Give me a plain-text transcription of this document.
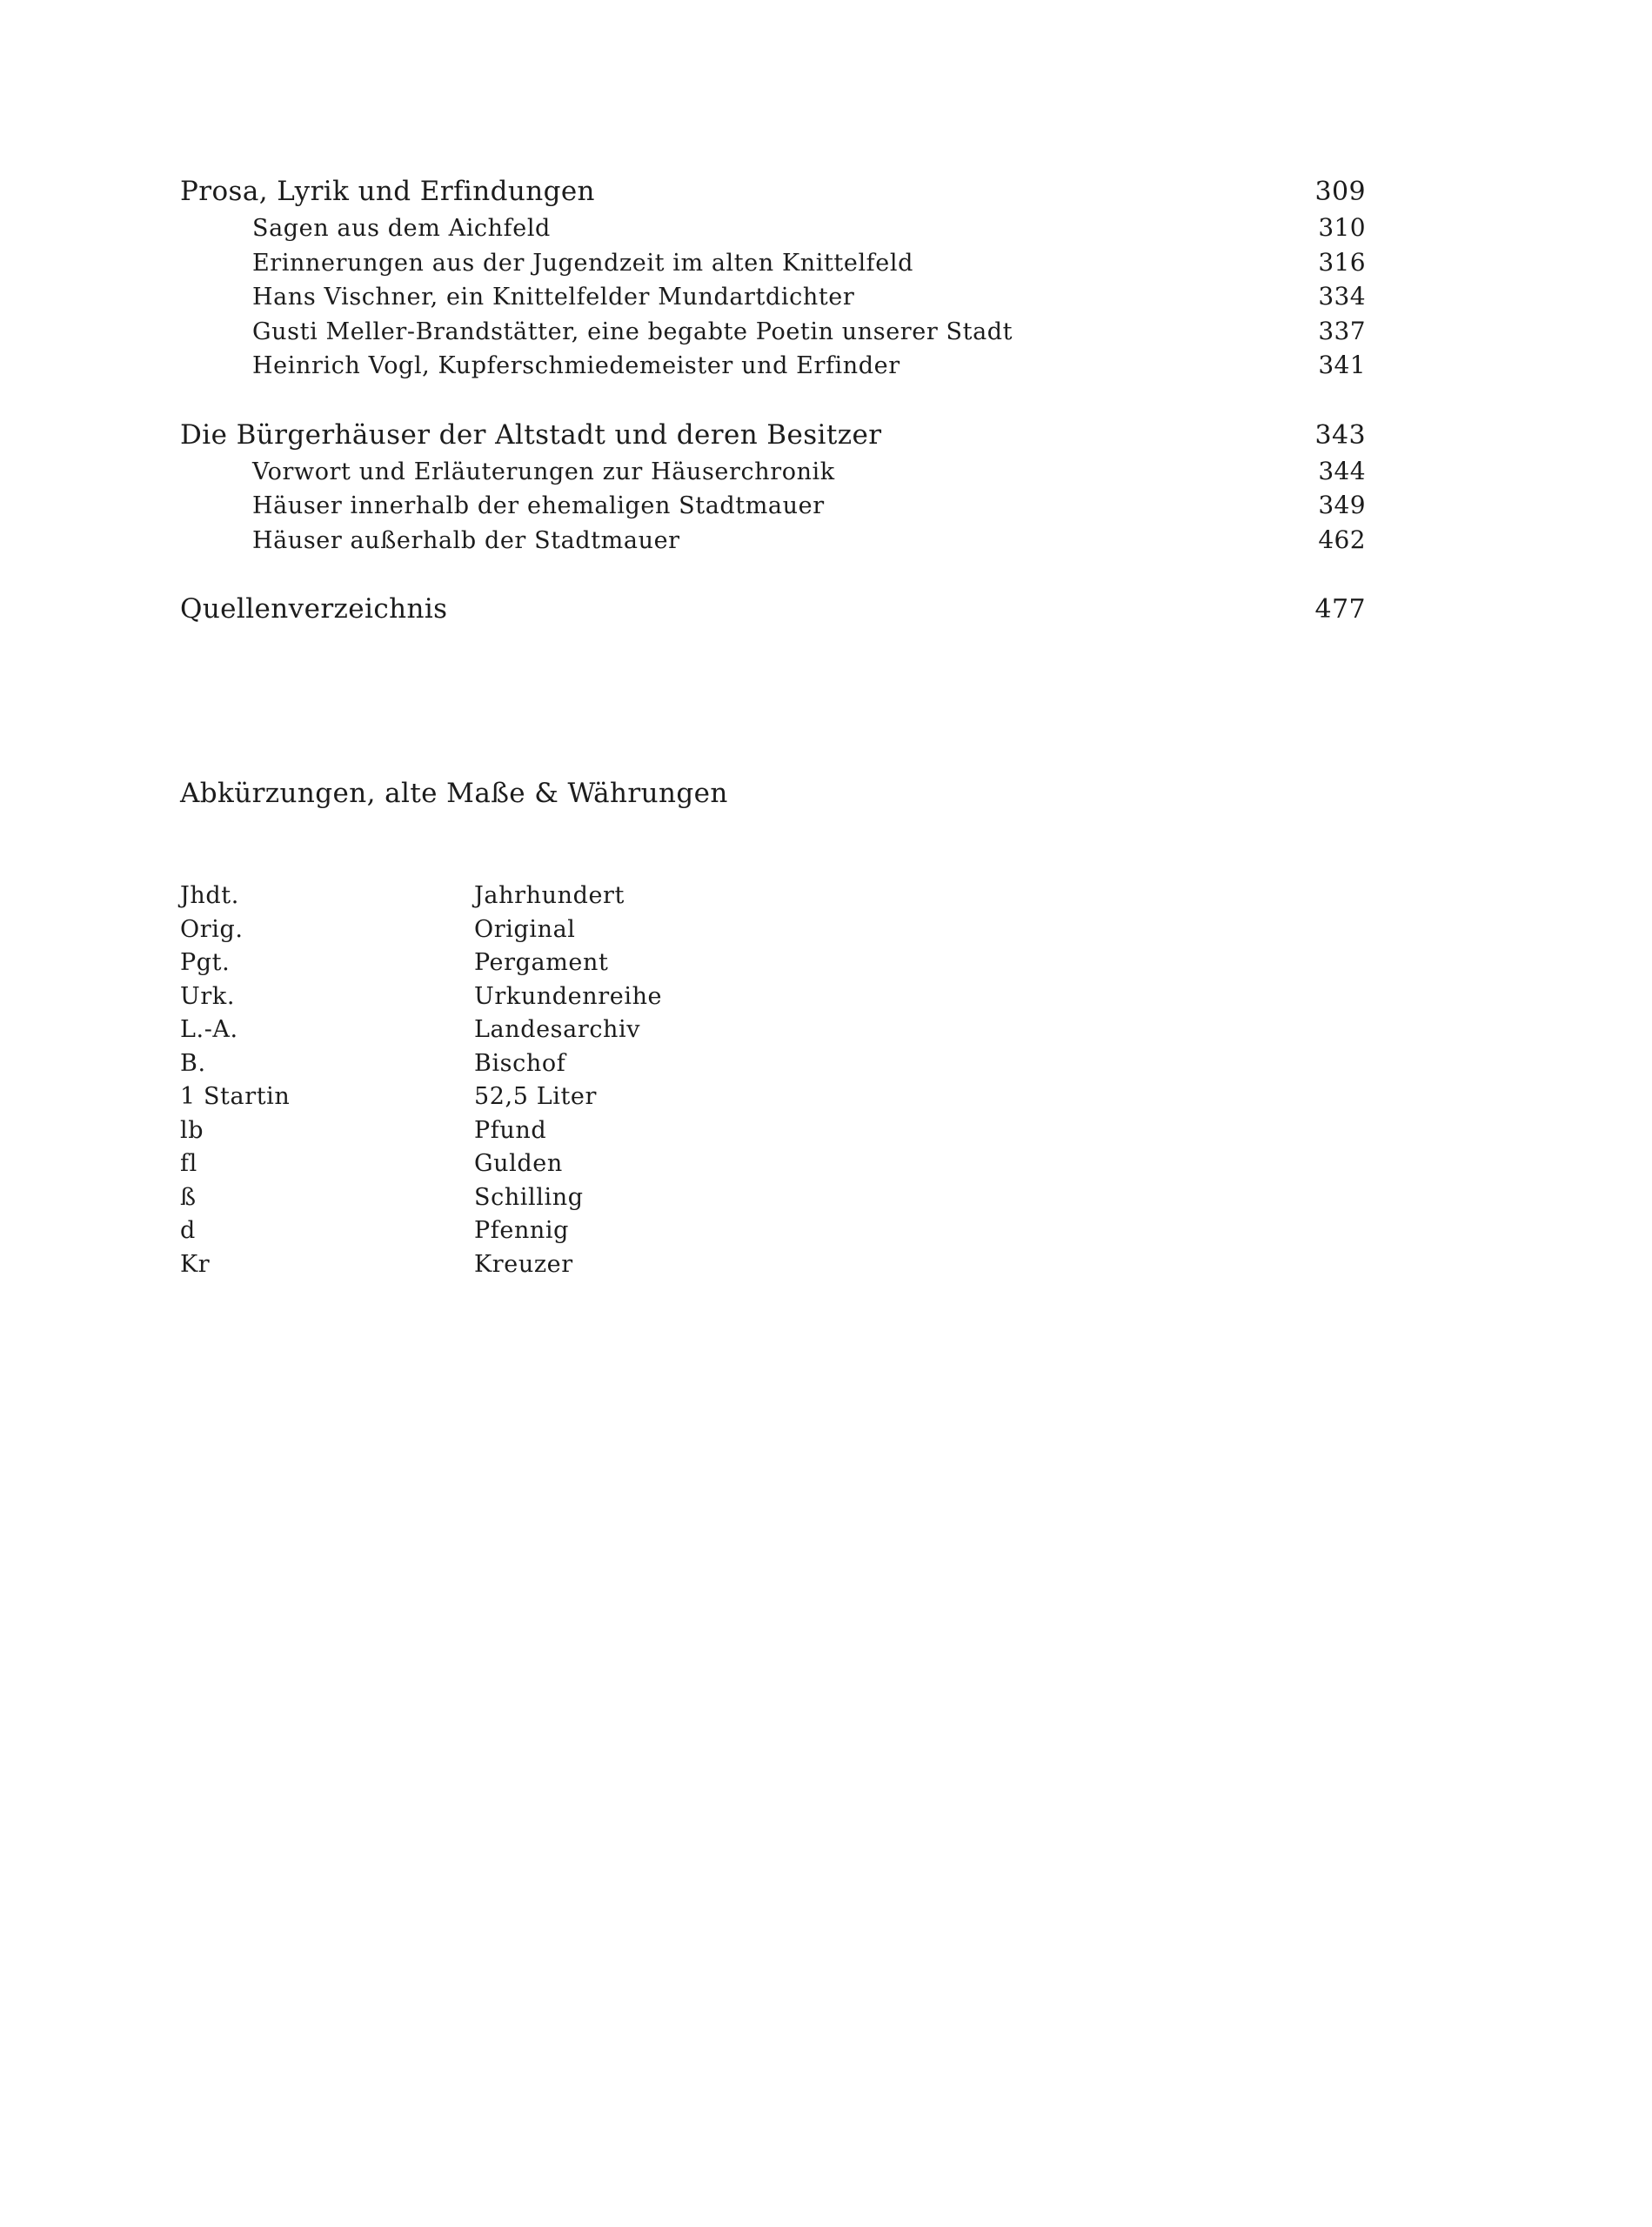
Prosa, Lyrik und Erfindungen	309
Sagen aus dem Aichfeld	310
Erinnerungen aus der Jugendzeit im alten Knittelfeld	316
Hans Vischner, ein Knittelfelder Mundartdichter	334
Gusti Meller-Brandstätter, eine begabte Poetin unserer Stadt	337
Heinrich Vogl, Kupferschmiedemeister und Erfinder	341
Die Bürgerhäuser der Altstadt und deren Besitzer	343
Vorwort und Erläuterungen zur Häuserchronik	344
Häuser innerhalb der ehemaligen Stadtmauer	349
Häuser außerhalb der Stadtmauer	462
Quellenverzeichnis	477
Abkürzungen, alte Maße & Währungen
Jhdt.	Jahrhundert
Orig.	Original
Pgt.	Pergament
Urk.	Urkundenreihe
L.-A.	Landesarchiv
B.	Bischof
1 Startin	52,5 Liter
lb	Pfund
fl	Gulden
ß	Schilling
d	Pfennig
Kr	Kreuzer
